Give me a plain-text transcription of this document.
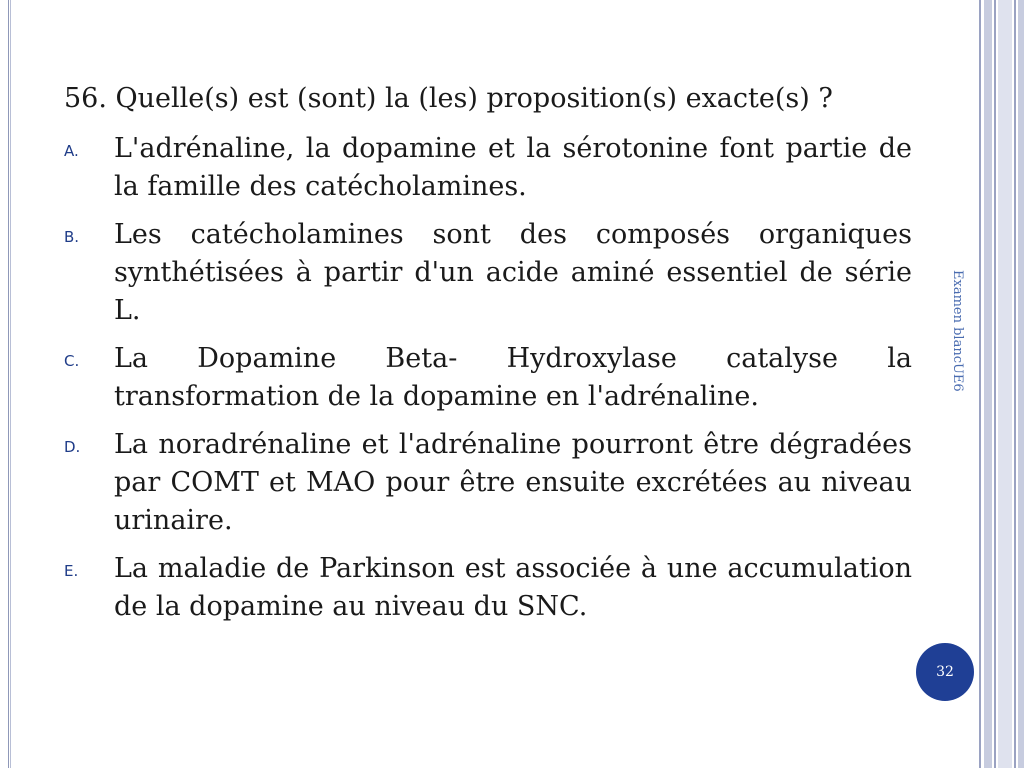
56. Quelle(s) est (sont) la (les) proposition(s) exacte(s) ?

A.	L'adrénaline, la dopamine et la sérotonine font partie de la famille des catécholamines.
B.	Les catécholamines sont des composés organiques synthétisées à partir d'un acide aminé essentiel de série L.
C.	La Dopamine Beta- Hydroxylase catalyse la transformation de la dopamine en l'adrénaline.
D.	La noradrénaline et l'adrénaline pourront être dégradées par COMT et MAO pour être ensuite excrétées au niveau urinaire.
E.	La maladie de Parkinson est associée à une accumulation de la dopamine au niveau du SNC.
Examen blancUE6
32
